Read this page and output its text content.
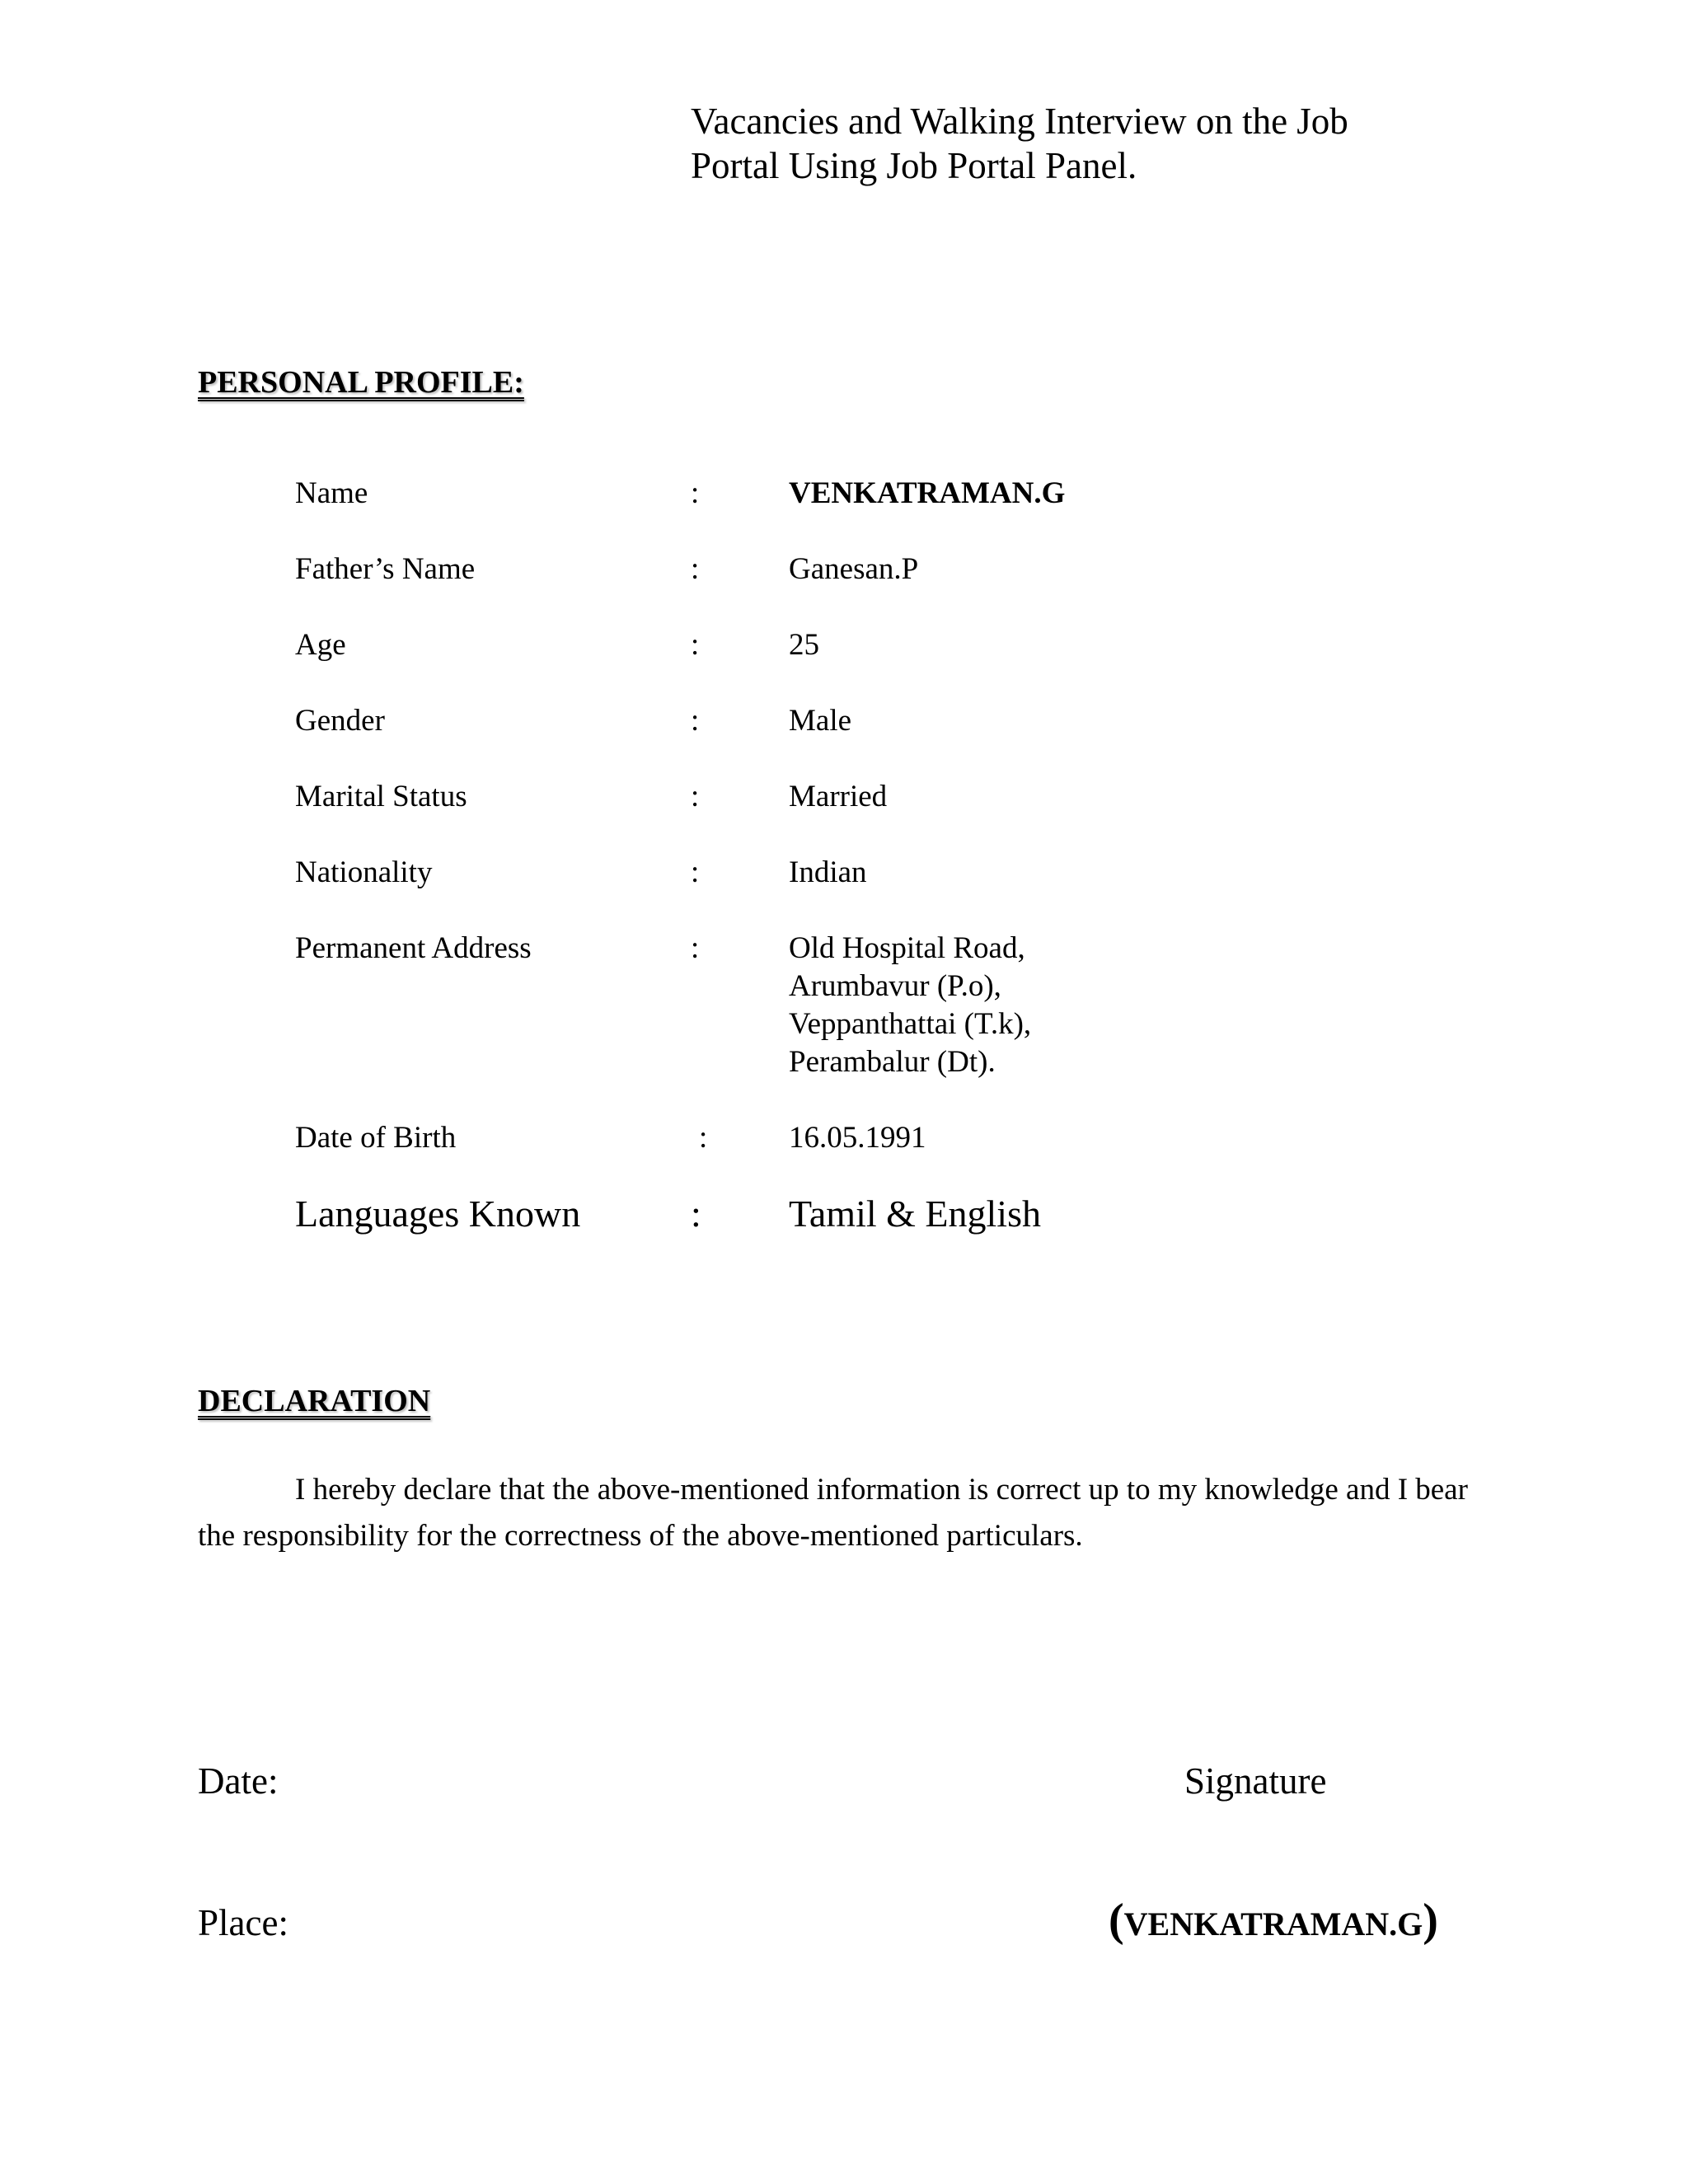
Vacancies and Walking Interview on the Job
Portal Using Job Portal Panel.
PERSONAL PROFILE:
Name	:	VENKATRAMAN.G
Father’s Name	:	Ganesan.P
Age	:	25
Gender	:	Male
Marital Status	:	Married
Nationality	:	Indian
Permanent Address	:	Old Hospital Road,
Arumbavur (P.o),
Veppanthattai (T.k),
Perambalur (Dt).
Date of Birth	:	16.05.1991
Languages Known	: Tamil & English
DECLARATION
I hereby declare that the above-mentioned information is correct up to my knowledge and I bear the responsibility for the correctness of the above-mentioned particulars.
Date:	Signature
Place:	(VENKATRAMAN.G)
